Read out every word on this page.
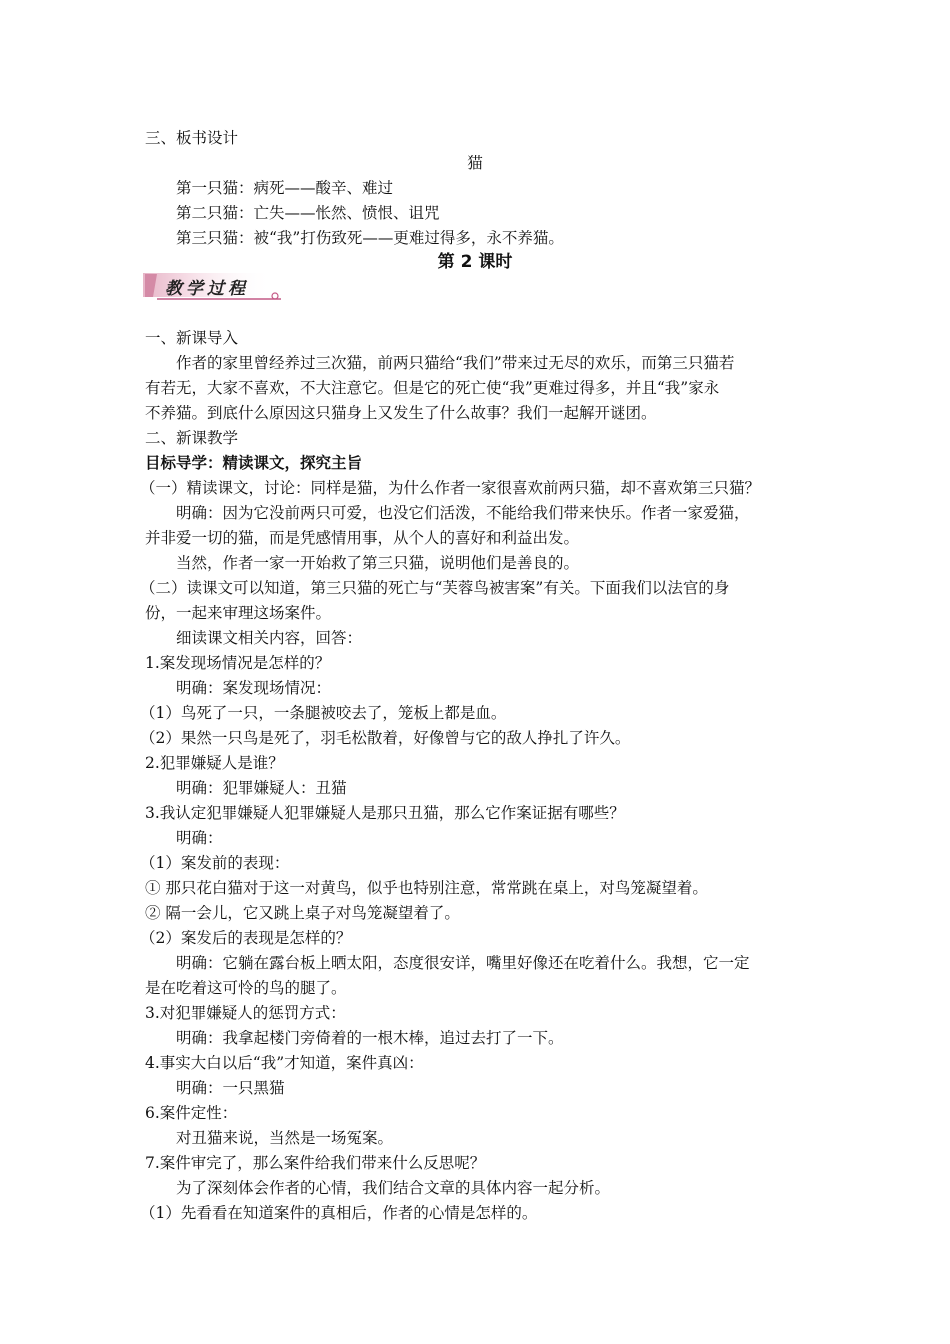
三、板书设计
猫
第一只猫：病死——酸辛、难过
第二只猫：亡失——怅然、愤恨、诅咒
第三只猫：被“我”打伤致死——更难过得多，永不养猫。
第 2 课时
教学过程
一、新课导入
作者的家里曾经养过三次猫，前两只猫给“我们”带来过无尽的欢乐，而第三只猫若
有若无，大家不喜欢，不大注意它。但是它的死亡使“我”更难过得多，并且“我”家永
不养猫。到底什么原因这只猫身上又发生了什么故事？我们一起解开谜团。
二、新课教学
目标导学：精读课文，探究主旨
（一）精读课文，讨论：同样是猫，为什么作者一家很喜欢前两只猫，却不喜欢第三只猫？
明确：因为它没前两只可爱，也没它们活泼，不能给我们带来快乐。作者一家爱猫，
并非爱一切的猫，而是凭感情用事，从个人的喜好和利益出发。
当然，作者一家一开始救了第三只猫，说明他们是善良的。
（二）读课文可以知道，第三只猫的死亡与“芙蓉鸟被害案”有关。下面我们以法官的身
份，一起来审理这场案件。
细读课文相关内容，回答：
1.案发现场情况是怎样的？
明确：案发现场情况：
（1）鸟死了一只，一条腿被咬去了，笼板上都是血。
（2）果然一只鸟是死了，羽毛松散着，好像曾与它的敌人挣扎了许久。
2.犯罪嫌疑人是谁？
明确：犯罪嫌疑人：丑猫
3.我认定犯罪嫌疑人犯罪嫌疑人是那只丑猫，那么它作案证据有哪些？
明确：
（1）案发前的表现：
① 那只花白猫对于这一对黄鸟，似乎也特别注意，常常跳在桌上，对鸟笼凝望着。
② 隔一会儿，它又跳上桌子对鸟笼凝望着了。
（2）案发后的表现是怎样的？
明确：它躺在露台板上晒太阳，态度很安详，嘴里好像还在吃着什么。我想，它一定
是在吃着这可怜的鸟的腿了。
3.对犯罪嫌疑人的惩罚方式：
明确：我拿起楼门旁倚着的一根木棒，追过去打了一下。
4.事实大白以后“我”才知道，案件真凶：
明确：一只黑猫
6.案件定性：
对丑猫来说，当然是一场冤案。
7.案件审完了，那么案件给我们带来什么反思呢？
为了深刻体会作者的心情，我们结合文章的具体内容一起分析。
（1）先看看在知道案件的真相后，作者的心情是怎样的。
